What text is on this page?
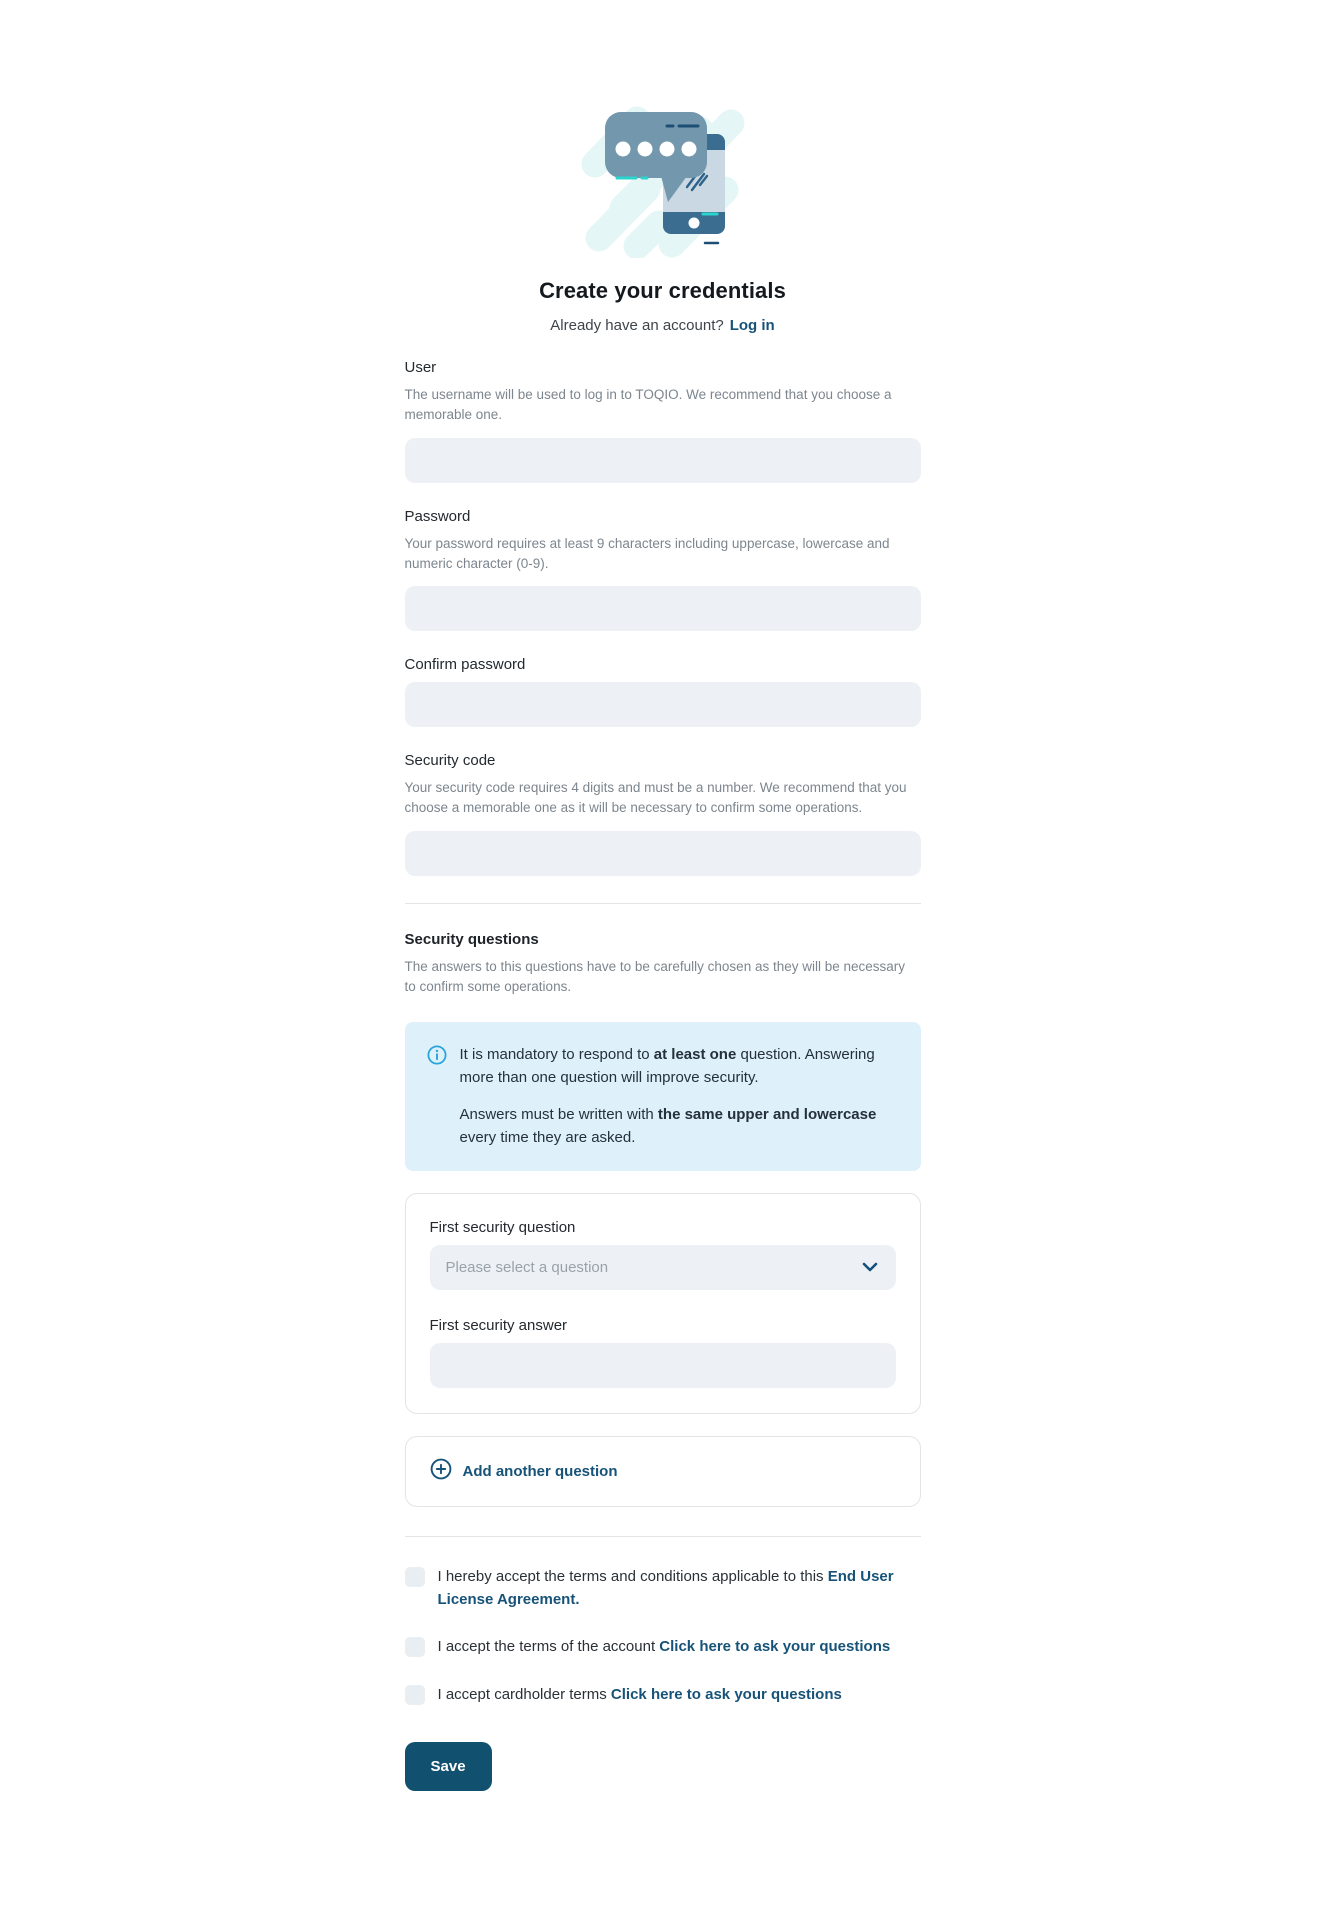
Create your credentials
Already have an account? Log in
User
The username will be used to log in to TOQIO. We recommend that you choose a memorable one.
Password
Your password requires at least 9 characters including uppercase, lowercase and numeric character (0-9).
Confirm password
Security code
Your security code requires 4 digits and must be a number. We recommend that you choose a memorable one as it will be necessary to confirm some operations.
Security questions
The answers to this questions have to be carefully chosen as they will be necessary to confirm some operations.

It is mandatory to respond to at least one question. Answering more than one question will improve security.

Answers must be written with the same upper and lowercase every time they are asked.

First security question
Please select a question
First security answer
Add another question
I hereby accept the terms and conditions applicable to this End User License Agreement.
I accept the terms of the account Click here to ask your questions
I accept cardholder terms Click here to ask your questions
Save
